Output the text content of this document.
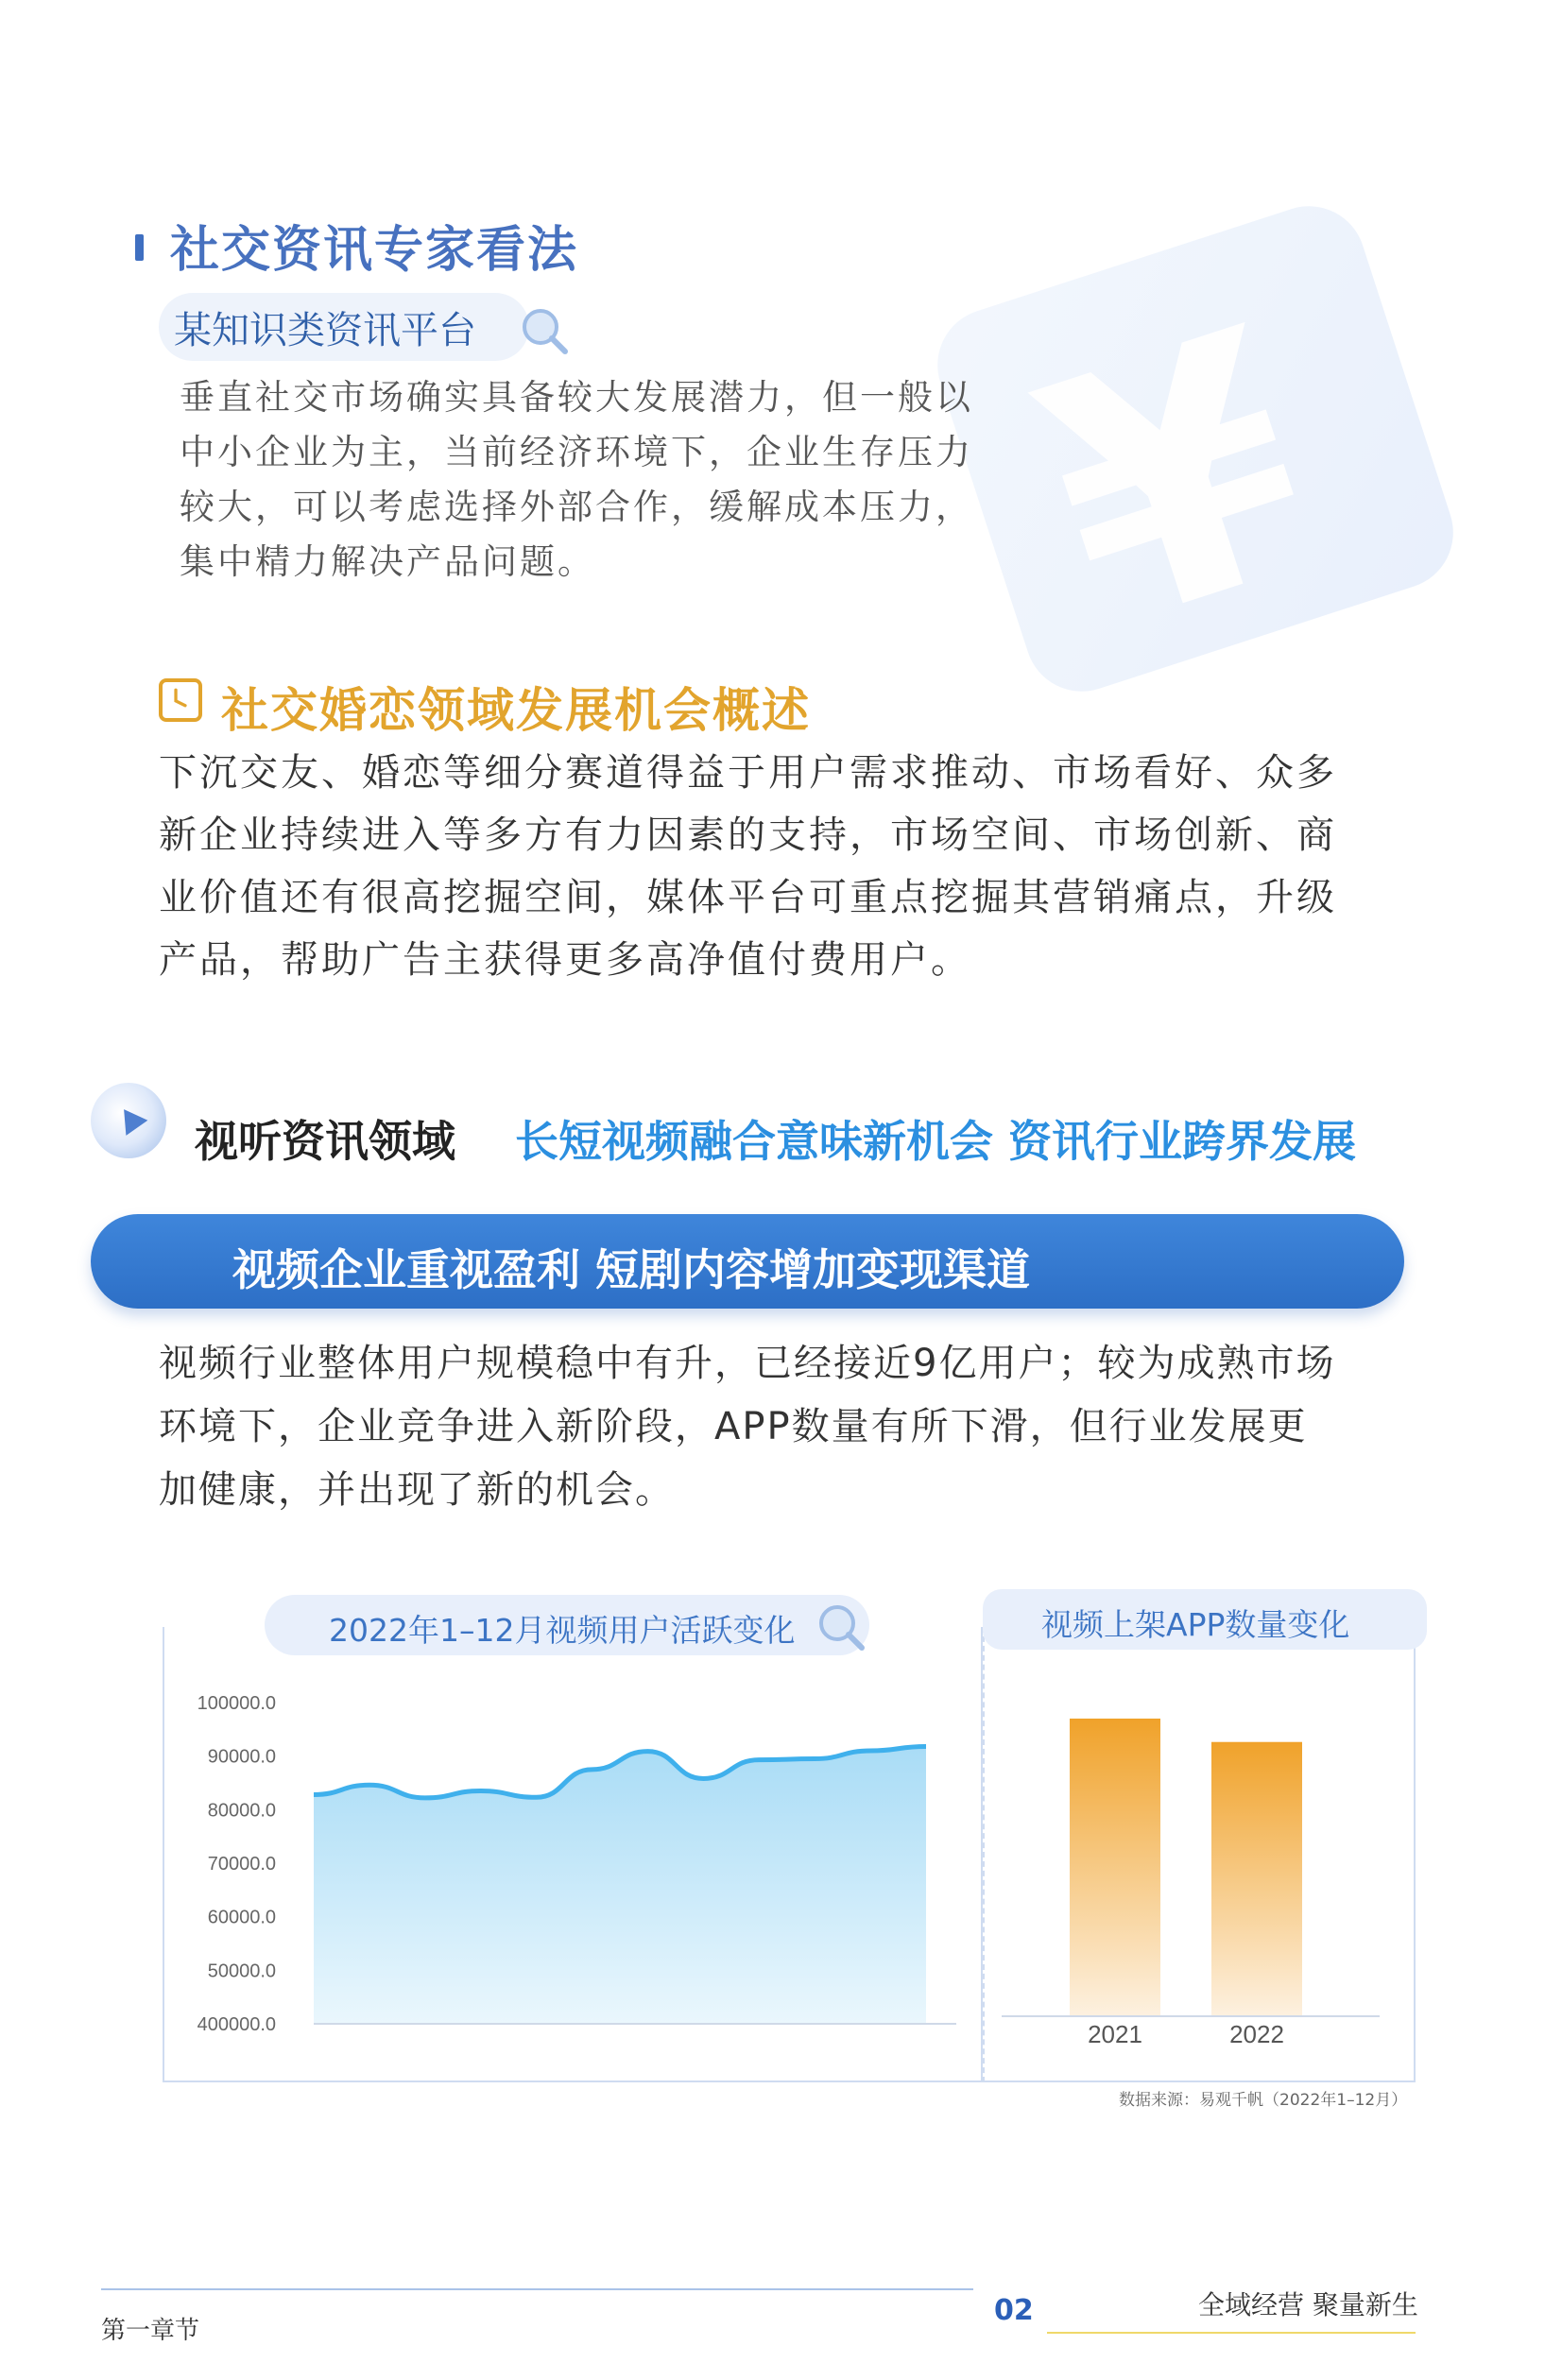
¥
社交资讯专家看法
某知识类资讯平台
垂直社交市场确实具备较大发展潜力，但一般以
中小企业为主，当前经济环境下，企业生存压力
较大，可以考虑选择外部合作，缓解成本压力，
集中精力解决产品问题。
社交婚恋领域发展机会概述
下沉交友、婚恋等细分赛道得益于用户需求推动、市场看好、众多
新企业持续进入等多方有力因素的支持，市场空间、市场创新、商
业价值还有很高挖掘空间，媒体平台可重点挖掘其营销痛点，升级
产品，帮助广告主获得更多高净值付费用户。
视听资讯领域 长短视频融合意味新机会 资讯行业跨界发展
视频企业重视盈利 短剧内容增加变现渠道
视频行业整体用户规模稳中有升，已经接近9亿用户；较为成熟市场
环境下，企业竞争进入新阶段，APP数量有所下滑，但行业发展更
加健康，并出现了新的机会。
2022年1–12月视频用户活跃变化
100000.0
90000.0
80000.0
70000.0
60000.0
50000.0
400000.0
视频上架APP数量变化
2021	2022
数据来源：易观千帆（2022年1–12月）
第一章节
02	全域经营 聚量新生
